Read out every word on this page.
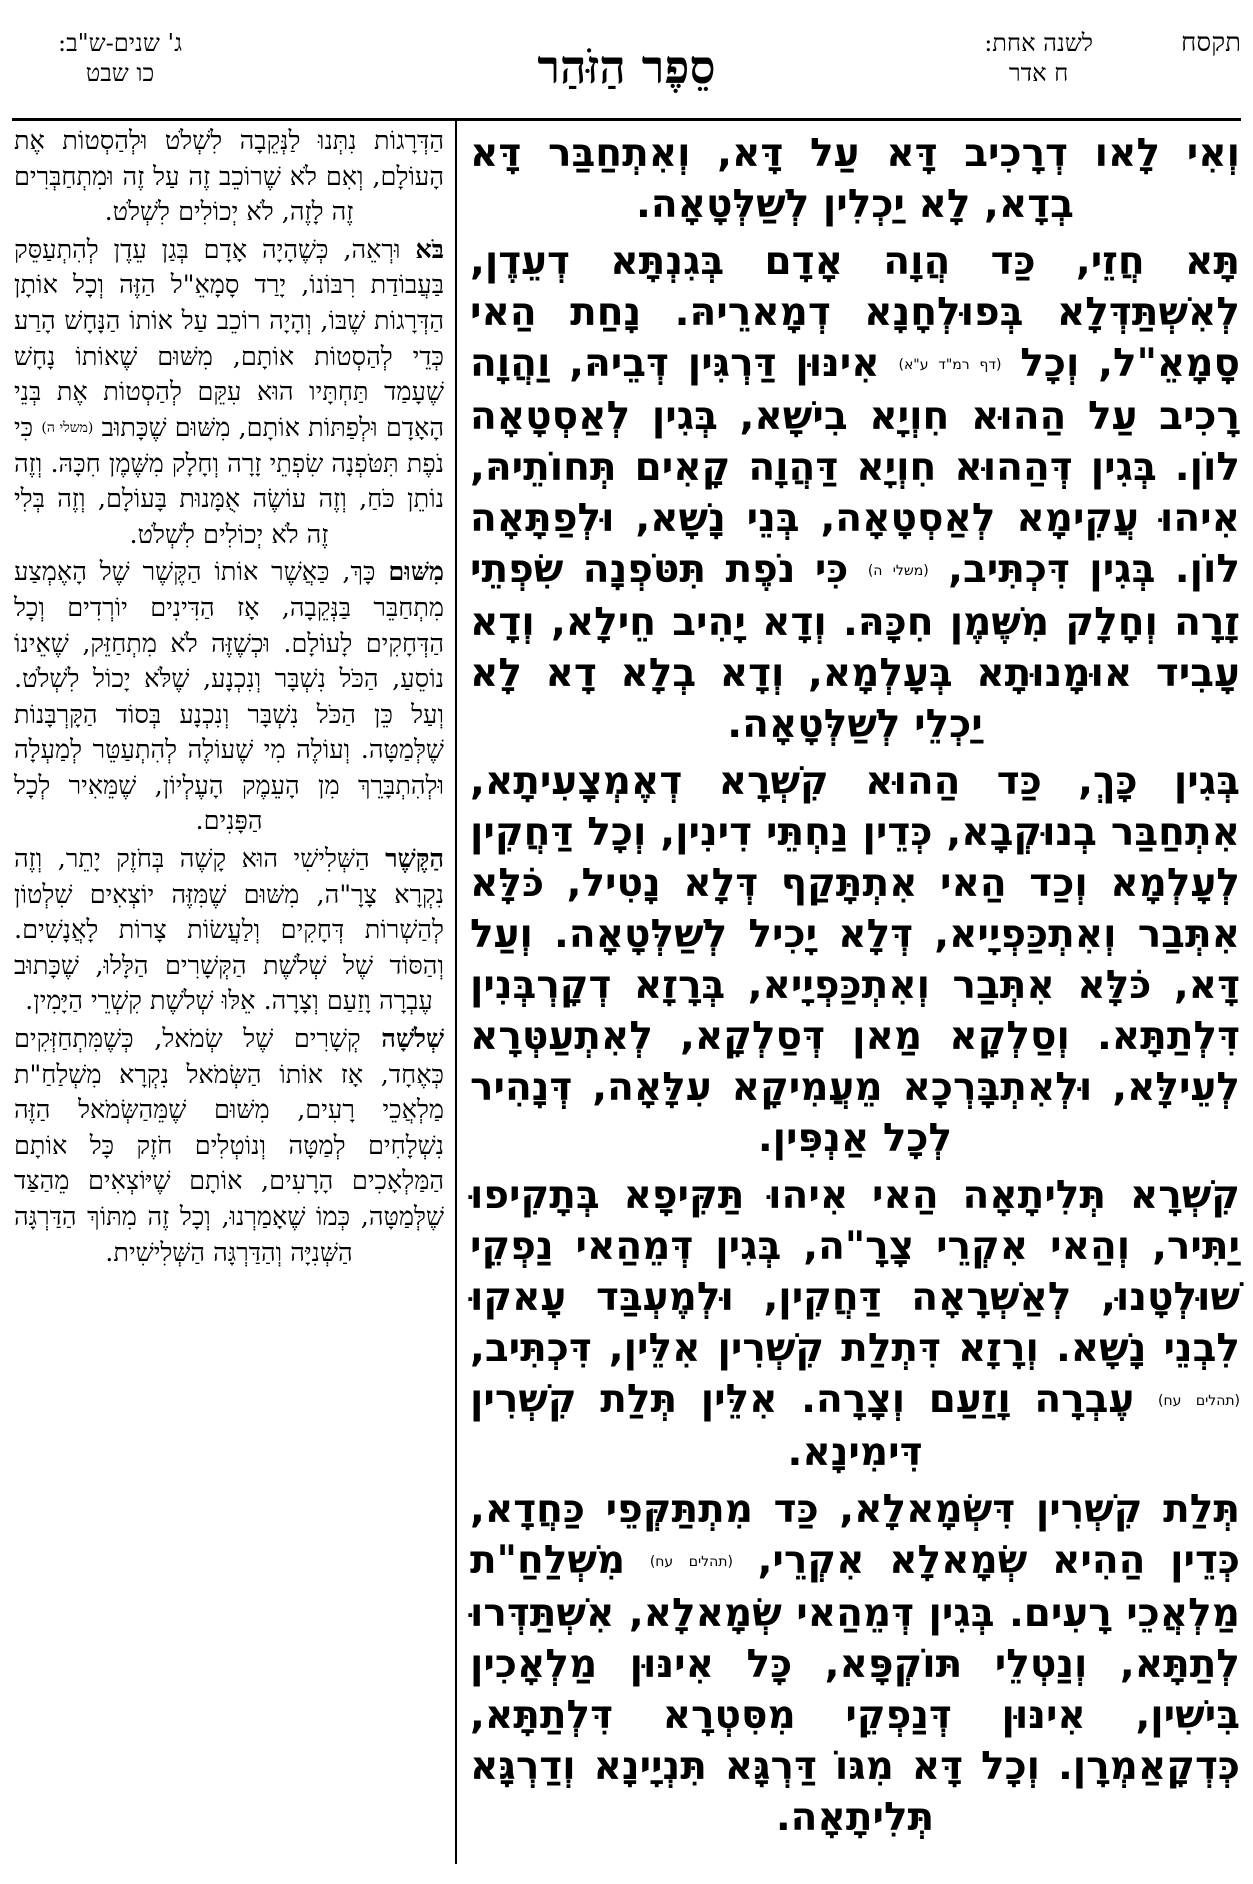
תקסח
לשנה אחת:
ח אדר
סֵפֶר הַזֹּהַר
ג' שנים-ש"ב:
כו שבט

וְאִי לָאו דְרָכִיב דָּא עַל דָּא, וְאִתְחַבַּר דָּא בְדָא, לָא יַכְלִין לְשַׁלְּטָאָה.

תָּא חֲזֵי, כַּד הֲוָה אָדָם בְּגִנְתָּא דְעֵדֶן, לְאִשְׁתַּדְּלָא בְּפוּלְחָנָא דְמָארֵיהּ. נָחַת הַאי סָמָאֵ"ל, וְכָל (דף רמ"ד ע"א) אִינּוּן דַּרְגִּין דְּבֵיהּ, וַהֲוָה רָכִיב עַל הַהוּא חִוְיָא בִישָׁא, בְּגִין לְאַסְטָאָה לוֹן. בְּגִין דְּהַהוּא חִוְיָא דַּהֲוָה קָאִים תְּחוֹתֵיהּ, אִיהוּ עֲקִימָא לְאַסְטָאָה, בְּנֵי נָשָׁא, וּלְפַתָּאָה לוֹן. בְּגִין דִּכְתִּיב, (משלי ה) כִּי נֹפֶת תִּטֹּפְנָה שִׂפְתֵי זָרָה וְחָלָק מִשֶּׁמֶן חִכָּהּ. וְדָא יָהִיב חֵילָא, וְדָא עָבִיד אוּמָנוּתָא בְּעָלְמָא, וְדָא בְלָא דָא לָא יַכְלֵי לְשַׁלְּטָאָה.

בְּגִין כָּךְ, כַּד הַהוּא קִשְׁרָא דְאֶמְצָעִיתָא, אִתְחַבַּר בְנוּקְבָא, כְּדֵין נַחְתֵּי דִינִין, וְכָל דַּחֲקִין לְעָלְמָא וְכַד הַאי אִתְתָּקַף דְּלָא נָטִיל, כֹּלָּא אִתְּבַר וְאִתְכַּפְיָיא, דְּלָא יָכִיל לְשַׁלְּטָאָה. וְעַל דָּא, כֹּלָּא אִתְּבַר וְאִתְכַּפְיָיא, בְּרָזָא דְקָרְבְּנִין דִּלְתַתָּא. וְסַלְקָא מַאן דְּסַלְקָא, לְאִתְעַטְּרָא לְעֵילָּא, וּלְאִתְבָּרְכָא מֵעֲמִיקָא עִלָּאָה, דְּנָהִיר לְכָל אַנְפִּין.

קִשְׁרָא תְּלִיתָאָה הַאי אִיהוּ תַּקִּיפָא בְּתָקִיפוּ יַתִּיר, וְהַאי אִקְרֵי צָרָ"ה, בְּגִין דְּמֵהַאי נַפְקֵי שׁוּלְטָנוּ, לְאַשְׁרָאָה דַּחֲקִין, וּלְמֶעְבַּד עָאקוּ לִבְנֵי נָשָׁא. וְרָזָא דִּתְלַת קִשְׁרִין אִלֵּין, דִּכְתִּיב, (תהלים עח) עֶבְרָה וָזַעַם וְצָרָה. אִלֵּין תְּלַת קִשְׁרִין דִּימִינָא.

תְּלַת קִשְׁרִין דִּשְׂמָאלָא, כַּד מִתְתַּקְּפֵי כַּחֲדָא, כְּדֵין הַהִיא שְׂמָאלָא אִקְרֵי, (תהלים עח) מִשְׁלַחַ"ת מַלְאֲכֵי רָעִים. בְּגִין דְּמֵהַאי שְׂמָאלָא, אִשְׁתַּדְּרוּ לְתַתָּא, וְנַטְלֵי תּוֹקְפָּא, כָּל אִינּוּן מַלְאָכִין בִּישִׁין, אִינּוּן דְּנַפְקֵי מִסִּטְרָא דִּלְתַתָּא, כְּדְקָאַמְרָן. וְכָל דָּא מִגּוֹ דַּרְגָּא תִּנְיָינָא וְדַרְגָּא תְּלִיתָאָה.

הַדְּרָגוֹת נִתְּנוּ לַנְּקֵבָה לִשְׁלֹט וּלְהַסְטוֹת אֶת הָעוֹלָם, וְאִם לֹא שֶׁרוֹכֵב זֶה עַל זֶה וּמִתְחַבְּרִים זֶה לָזֶה, לֹא יְכוֹלִים לִשְׁלֹט.

בֹּא וּרְאֵה, כְּשֶׁהָיָה אָדָם בְּגַן עֵדֶן לְהִתְעַסֵּק בַּעֲבוֹדַת רִבּוֹנוֹ, יָרַד סָמָאֵ"ל הַזֶּה וְכָל אוֹתָן הַדְּרָגוֹת שֶׁבּוֹ, וְהָיָה רוֹכֵב עַל אוֹתוֹ הַנָּחָשׁ הָרַע כְּדֵי לְהַסְטוֹת אוֹתָם, מִשּׁוּם שֶׁאוֹתוֹ נָחָשׁ שֶׁעָמַד תַּחְתָּיו הוּא עִקֵּם לְהַסְטוֹת אֶת בְּנֵי הָאָדָם וּלְפַתּוֹת אוֹתָם, מִשּׁוּם שֶׁכָּתוּב (משלי ה) כִּי נֹפֶת תִּטֹּפְנָה שִׂפְתֵי זָרָה וְחָלָק מִשֶּׁמֶן חִכָּהּ. וְזֶה נוֹתֵן כֹּחַ, וְזֶה עוֹשֶׂה אֻמָּנוּת בָּעוֹלָם, וְזֶה בְּלִי זֶה לֹא יְכוֹלִים לִשְׁלֹט.

מִשּׁוּם כָּךְ, כַּאֲשֶׁר אוֹתוֹ הַקֶּשֶׁר שֶׁל הָאֶמְצַע מִתְחַבֵּר בַּנְּקֵבָה, אָז הַדִּינִים יוֹרְדִים וְכָל הַדְּחָקִים לָעוֹלָם. וּכְשֶׁזֶּה לֹא מִתְחַזֵּק, שֶׁאֵינוֹ נוֹסֵעַ, הַכֹּל נִשְׁבָּר וְנִכְנָע, שֶׁלֹּא יָכוֹל לִשְׁלֹט. וְעַל כֵּן הַכֹּל נִשְׁבָּר וְנִכְנָע בְּסוֹד הַקָּרְבָּנוֹת שֶׁלְּמַטָּה. וְעוֹלֶה מִי שֶׁעוֹלֶה לְהִתְעַטֵּר לְמַעְלָה וּלְהִתְבָּרֵךְ מִן הָעֵמֶק הָעֶלְיוֹן, שֶׁמֵּאִיר לְכָל הַפָּנִים.

הַקֶּשֶׁר הַשְּׁלִישִׁי הוּא קָשֶׁה בְּחֹזֶק יָתֵר, וְזֶה נִקְרָא צָרָ"ה, מִשּׁוּם שֶׁמִּזֶּה יוֹצְאִים שִׁלְטוֹן לְהַשְׁרוֹת דְּחָקִים וְלַעֲשׂוֹת צָרוֹת לָאֲנָשִׁים. וְהַסּוֹד שֶׁל שְׁלֹשֶׁת הַקְּשָׁרִים הַלָּלוּ, שֶׁכָּתוּב עֶבְרָה וָזַעַם וְצָרָה. אֵלּוּ שְׁלֹשֶׁת קִשְׁרֵי הַיָּמִין.

שְׁלֹשָׁה קְשָׁרִים שֶׁל שְׂמֹאל, כְּשֶׁמִּתְחַזְּקִים כְּאֶחָד, אָז אוֹתוֹ הַשְּׂמֹאל נִקְרָא מִשְׁלַחַ"ת מַלְאֲכֵי רָעִים, מִשּׁוּם שֶׁמֵּהַשְּׂמֹאל הַזֶּה נִשְׁלָחִים לְמַטָּה וְנוֹטְלִים חֹזֶק כָּל אוֹתָם הַמַּלְאָכִים הָרָעִים, אוֹתָם שֶׁיּוֹצְאִים מֵהַצַּד שֶׁלְּמַטָּה, כְּמוֹ שֶׁאָמַרְנוּ, וְכָל זֶה מִתּוֹךְ הַדַּרְגָּה הַשְּׁנִיָּה וְהַדַּרְגָּה הַשְּׁלִישִׁית.
